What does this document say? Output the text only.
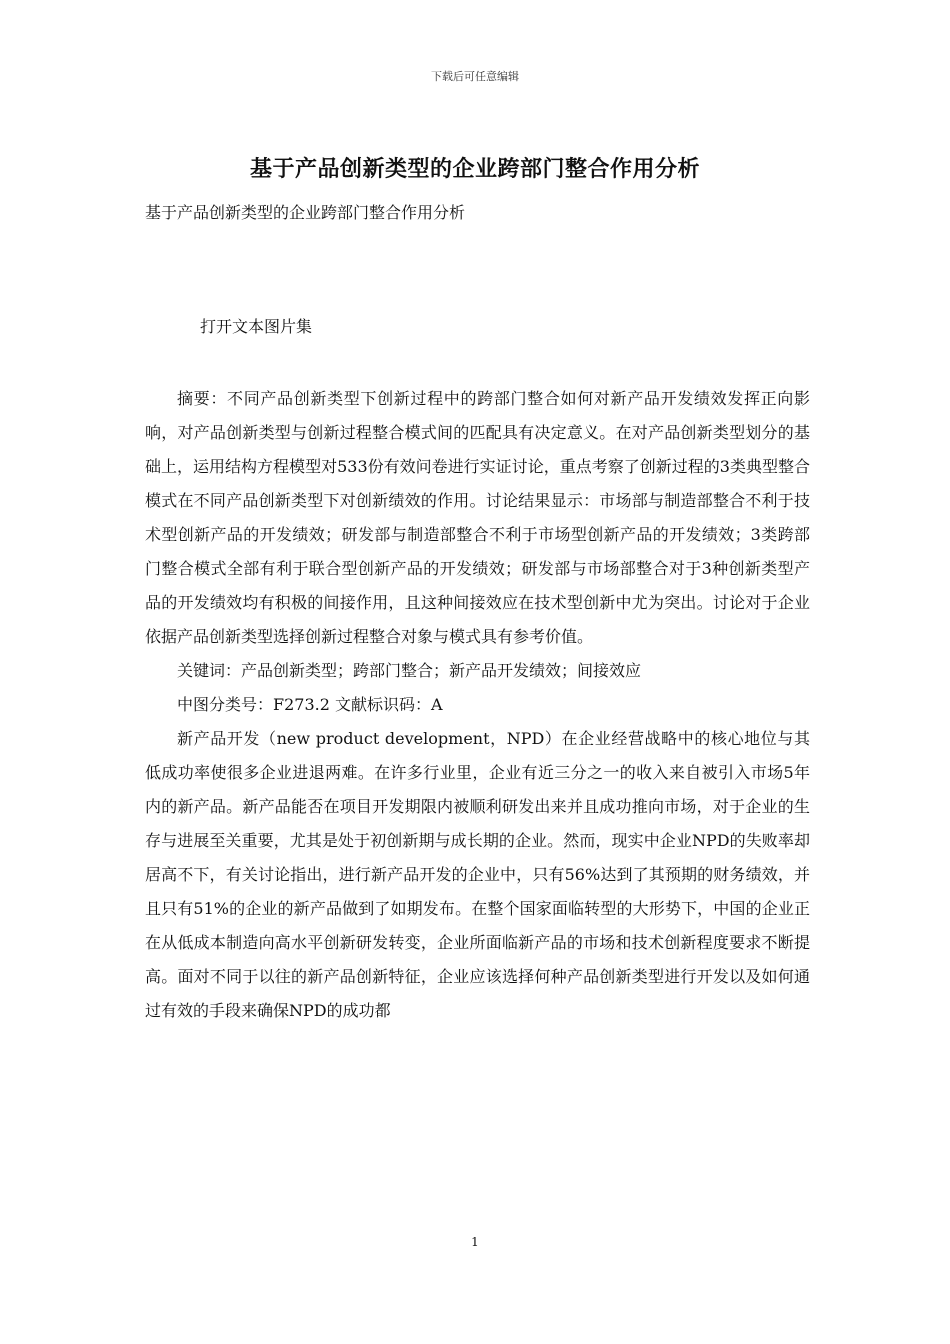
下载后可任意编辑
基于产品创新类型的企业跨部门整合作用分析
基于产品创新类型的企业跨部门整合作用分析
打开文本图片集

摘要：不同产品创新类型下创新过程中的跨部门整合如何对新产品开发绩效发挥正向影响，对产品创新类型与创新过程整合模式间的匹配具有决定意义。在对产品创新类型划分的基础上，运用结构方程模型对533份有效问卷进行实证讨论，重点考察了创新过程的3类典型整合模式在不同产品创新类型下对创新绩效的作用。讨论结果显示：市场部与制造部整合不利于技术型创新产品的开发绩效；研发部与制造部整合不利于市场型创新产品的开发绩效；3类跨部门整合模式全部有利于联合型创新产品的开发绩效；研发部与市场部整合对于3种创新类型产品的开发绩效均有积极的间接作用，且这种间接效应在技术型创新中尤为突出。讨论对于企业依据产品创新类型选择创新过程整合对象与模式具有参考价值。

关键词：产品创新类型；跨部门整合；新产品开发绩效；间接效应

中图分类号：F273.2 文献标识码：A

新产品开发（new product development，NPD）在企业经营战略中的核心地位与其低成功率使很多企业进退两难。在许多行业里，企业有近三分之一的收入来自被引入市场5年内的新产品。新产品能否在项目开发期限内被顺利研发出来并且成功推向市场，对于企业的生存与进展至关重要，尤其是处于初创新期与成长期的企业。然而，现实中企业NPD的失败率却居高不下，有关讨论指出，进行新产品开发的企业中，只有56%达到了其预期的财务绩效，并且只有51%的企业的新产品做到了如期发布。在整个国家面临转型的大形势下，中国的企业正在从低成本制造向高水平创新研发转变，企业所面临新产品的市场和技术创新程度要求不断提高。面对不同于以往的新产品创新特征，企业应该选择何种产品创新类型进行开发以及如何通过有效的手段来确保NPD的成功都

1
